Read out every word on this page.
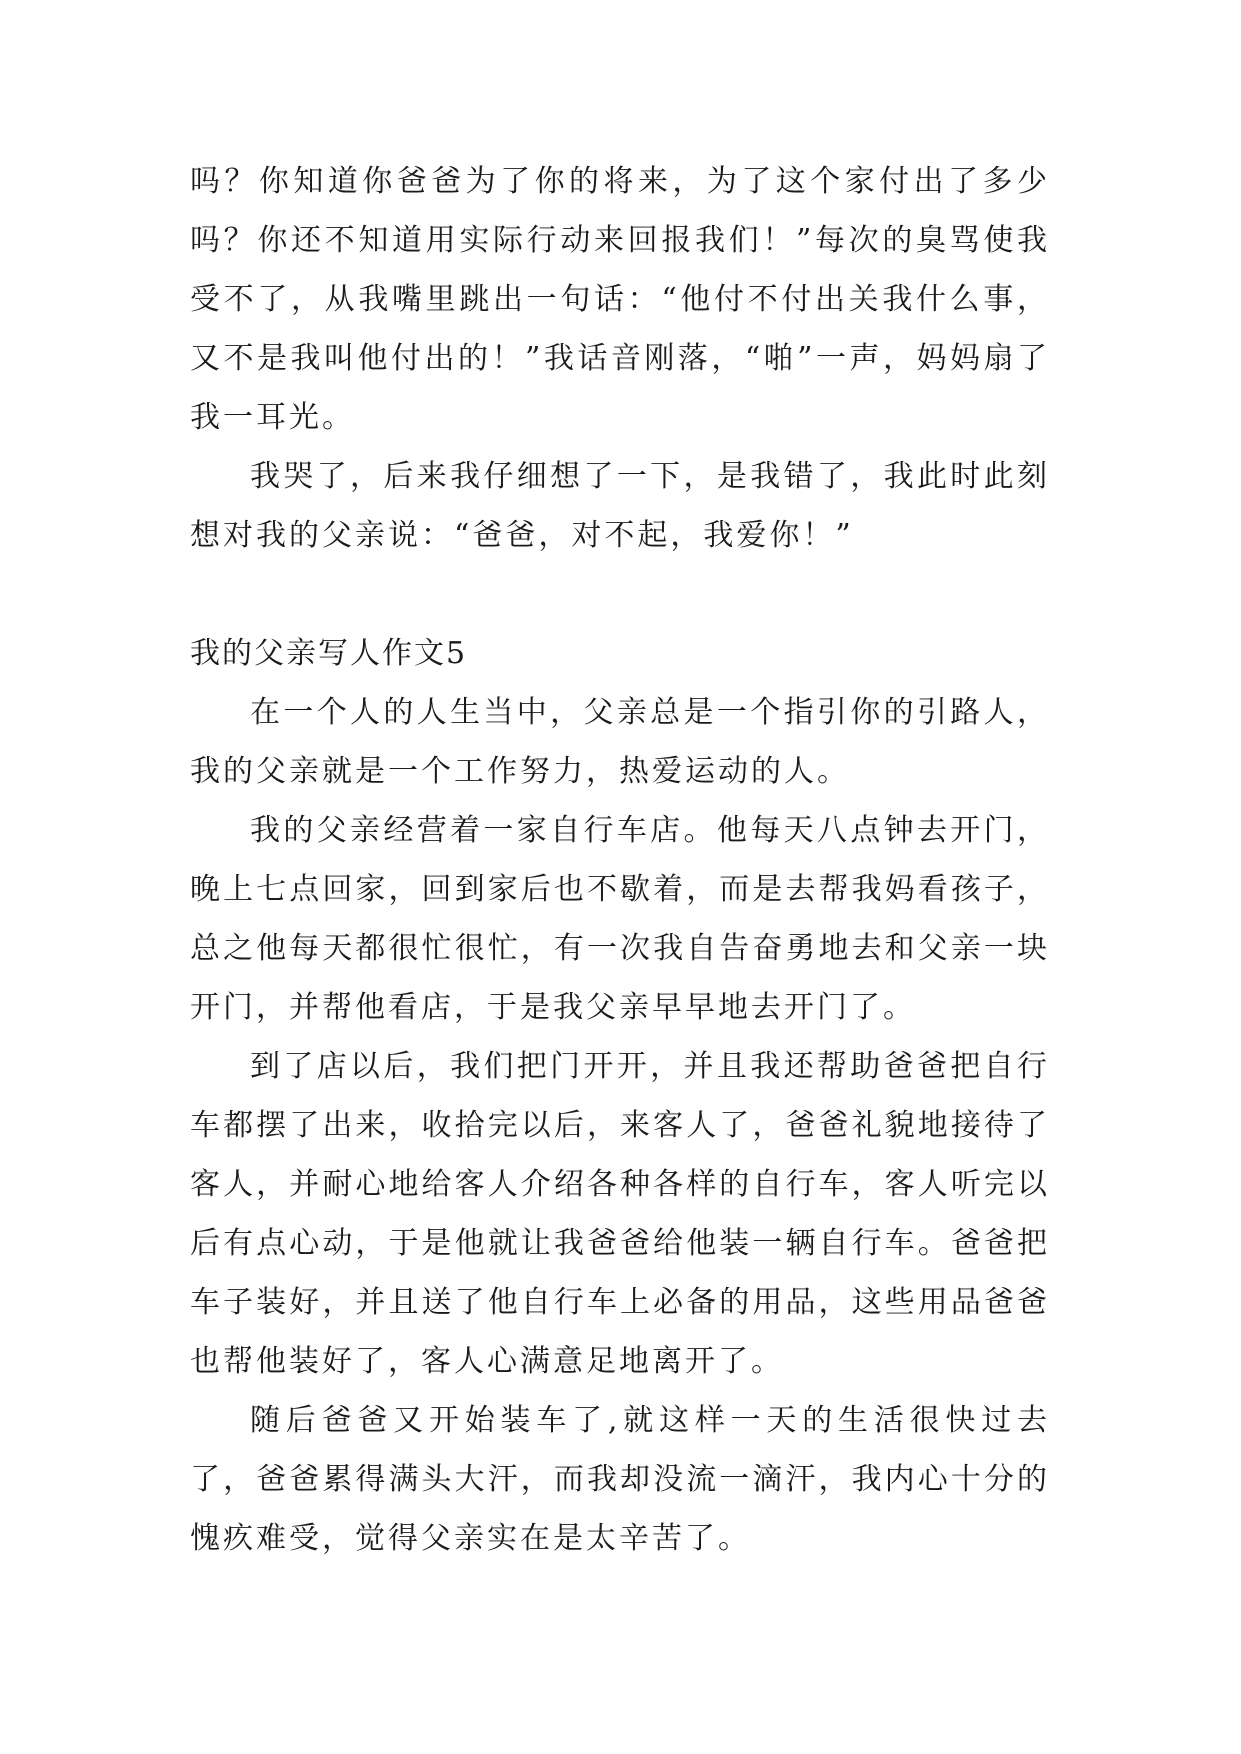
吗？你知道你爸爸为了你的将来，为了这个家付出了多少吗？你还不知道用实际行动来回报我们！”每次的臭骂使我受不了，从我嘴里跳出一句话：“他付不付出关我什么事，又不是我叫他付出的！”我话音刚落，“啪”一声，妈妈扇了我一耳光。

我哭了，后来我仔细想了一下，是我错了，我此时此刻想对我的父亲说：“爸爸，对不起，我爱你！”

我的父亲写人作文5

在一个人的人生当中，父亲总是一个指引你的引路人，我的父亲就是一个工作努力，热爱运动的人。

我的父亲经营着一家自行车店。他每天八点钟去开门，晚上七点回家，回到家后也不歇着，而是去帮我妈看孩子，总之他每天都很忙很忙，有一次我自告奋勇地去和父亲一块开门，并帮他看店，于是我父亲早早地去开门了。

到了店以后，我们把门开开，并且我还帮助爸爸把自行车都摆了出来，收拾完以后，来客人了，爸爸礼貌地接待了客人，并耐心地给客人介绍各种各样的自行车，客人听完以后有点心动，于是他就让我爸爸给他装一辆自行车。爸爸把车子装好，并且送了他自行车上必备的用品，这些用品爸爸也帮他装好了，客人心满意足地离开了。

随后爸爸又开始装车了,就这样一天的生活很快过去了，爸爸累得满头大汗，而我却没流一滴汗，我内心十分的愧疚难受，觉得父亲实在是太辛苦了。
